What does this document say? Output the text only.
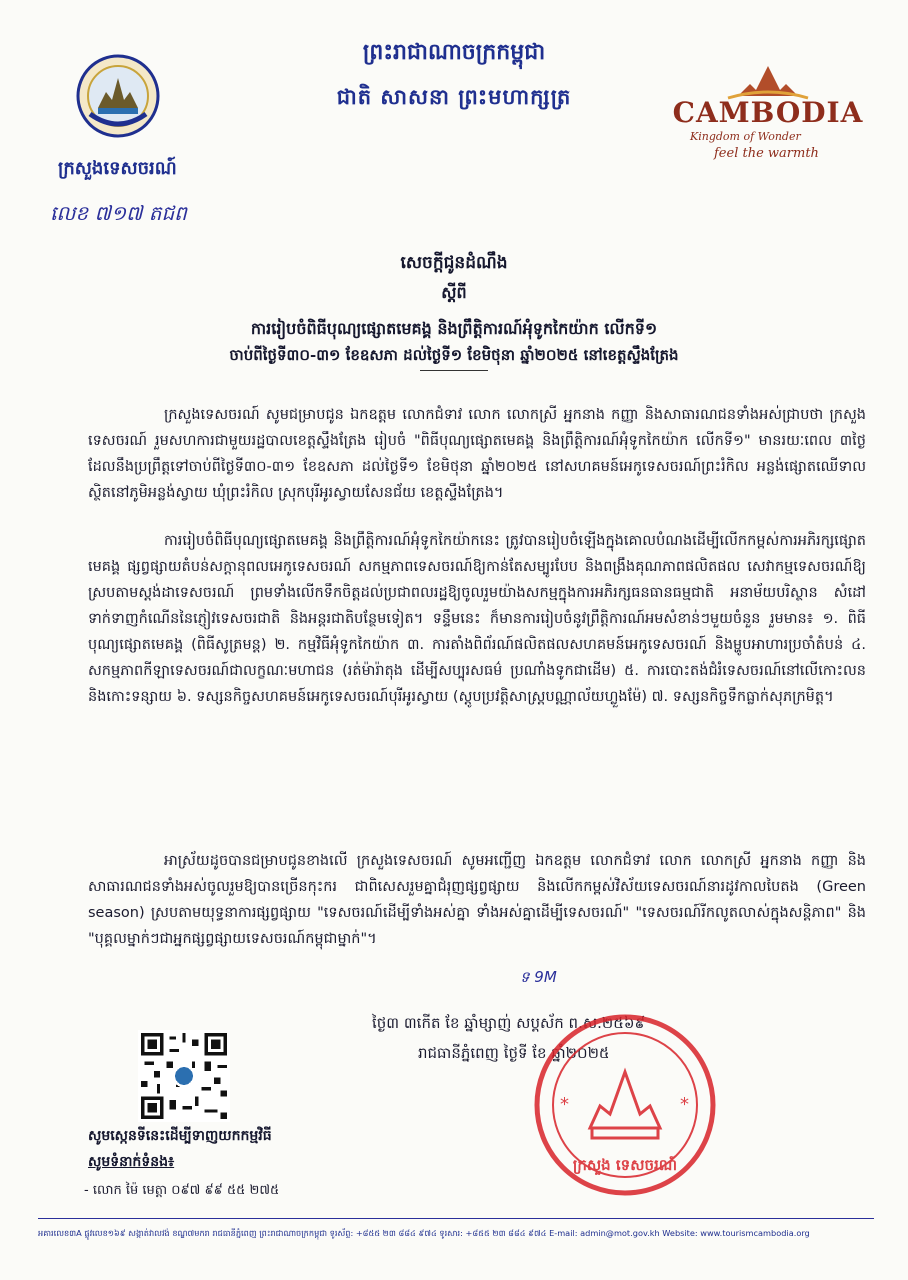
ព្រះរាជាណាចក្រកម្ពុជា
ជាតិ សាសនា ព្រះមហាក្សត្រ
ក្រសួងទេសចរណ៍
លេខ ៧១៧ តជព
CAMBODIA
Kingdom of Wonder
feel the warmth
សេចក្តីជូនដំណឹង
ស្តីពី
ការរៀបចំពិធីបុណ្យផ្សោតមេគង្គ និងព្រឹត្តិការណ៍អុំទូកកៃយ៉ាក លើកទី១
ចាប់ពីថ្ងៃទី៣០-៣១ ខែឧសភា ដល់ថ្ងៃទី១ ខែមិថុនា ឆ្នាំ២០២៥ នៅខេត្តស្ទឹងត្រែង
ក្រសួងទេសចរណ៍ សូមជម្រាបជូន ឯកឧត្តម លោកជំទាវ លោក លោកស្រី អ្នកនាង កញ្ញា និងសាធារណជនទាំងអស់ជ្រាបថា ក្រសួងទេសចរណ៍ រួមសហការជាមួយរដ្ឋបាលខេត្តស្ទឹងត្រែង រៀបចំ "ពិធីបុណ្យផ្សោតមេគង្គ និងព្រឹត្តិការណ៍អុំទូកកៃយ៉ាក លើកទី១" មានរយៈពេល ៣ថ្ងៃ ដែលនឹងប្រព្រឹត្តទៅចាប់ពីថ្ងៃទី៣០-៣១ ខែឧសភា ដល់ថ្ងៃទី១ ខែមិថុនា ឆ្នាំ២០២៥ នៅសហគមន៍អេកូទេសចរណ៍ព្រះរំកិល អន្លង់ផ្សោតឈើទាល ស្ថិតនៅភូមិអន្លង់ស្វាយ ឃុំព្រះរំកិល ស្រុកបុរីអូរស្វាយសែនជ័យ ខេត្តស្ទឹងត្រែង។
ការរៀបចំពិធីបុណ្យផ្សោតមេគង្គ និងព្រឹត្តិការណ៍អុំទូកកៃយ៉ាកនេះ ត្រូវបានរៀបចំឡើងក្នុងគោលបំណងដើម្បីលើកកម្ពស់ការអភិរក្សផ្សោតមេគង្គ ផ្សព្វផ្សាយតំបន់សក្តានុពលអេកូទេសចរណ៍ សកម្មភាពទេសចរណ៍ឱ្យកាន់តែសម្បូរបែប និងពង្រឹងគុណភាពផលិតផល សេវាកម្មទេសចរណ៍ឱ្យស្របតាមស្តង់ដាទេសចរណ៍ ព្រមទាំងលើកទឹកចិត្តដល់ប្រជាពលរដ្ឋឱ្យចូលរួមយ៉ាងសកម្មក្នុងការអភិរក្សធនធានធម្មជាតិ អនាម័យបរិស្ថាន សំដៅទាក់ទាញកំណើននៃភ្ញៀវទេសចរជាតិ និងអន្តរជាតិបន្ថែមទៀត។ ទន្ទឹមនេះ ក៏មានការរៀបចំនូវព្រឹត្តិការណ៍អមសំខាន់ៗមួយចំនួន រួមមាន៖ ១. ពិធីបុណ្យផ្សោតមេគង្គ (ពិធីសូត្រមន្ត) ២. កម្មវិធីអុំទូកកៃយ៉ាក ៣. ការតាំងពិព័រណ៍ផលិតផលសហគមន៍អេកូទេសចរណ៍ និងម្ហូបអាហារប្រចាំតំបន់ ៤. សកម្មភាពកីឡាទេសចរណ៍ជាលក្ខណៈមហាជន (រត់ម៉ារ៉ាតុង ដើម្បីសប្បុរសធម៌ ប្រណាំងទូកជាដើម) ៥. ការបោះតង់ជំរំទេសចរណ៍នៅលើកោះលន និងកោះទន្សាយ ៦. ទស្សនកិច្ចសហគមន៍អេកូទេសចរណ៍បុរីអូរស្វាយ (ស្តូបប្រវត្តិសាស្ត្របណ្ណាល័យហ្លួងម៉ែ) ៧. ទស្សនកិច្ចទឹកធ្លាក់សុភក្រមិត្ត។
អាស្រ័យដូចបានជម្រាបជូនខាងលើ ក្រសួងទេសចរណ៍ សូមអញ្ជើញ ឯកឧត្តម លោកជំទាវ លោក លោកស្រី អ្នកនាង កញ្ញា និងសាធារណជនទាំងអស់ចូលរួមឱ្យបានច្រើនកុះករ ជាពិសេសរួមគ្នាជំរុញផ្សព្វផ្សាយ និងលើកកម្ពស់វិស័យទេសចរណ៍នារដូវកាលបៃតង (Green season) ស្របតាមយុទ្ធនាការផ្សព្វផ្សាយ "ទេសចរណ៍ដើម្បីទាំងអស់គ្នា ទាំងអស់គ្នាដើម្បីទេសចរណ៍" "ទេសចរណ៍រីកលូតលាស់ក្នុងសន្តិភាព" និង "បុគ្គលម្នាក់ៗជាអ្នកផ្សព្វផ្សាយទេសចរណ៍កម្ពុជាម្នាក់"។
ទ 9M
ថ្ងៃ៣ ៣កើត ខែ ឆ្នាំម្សាញ់ សប្តស័ក ព.ស.២៥៦៩
រាជធានីភ្នំពេញ ថ្ងៃទី ខែ ឆ្នាំ២០២៥
*	*
ក្រសួង ទេសចរណ៍
សូមស្កេនទីនេះដើម្បីទាញយកកម្មវិធី
សូមទំនាក់ទំនង៖
- លោក ម៉ៃ មេត្តា ០៩៧ ៩៩ ៥៥ ២៧៥
អគារលេខ៣A ផ្លូវលេខ១៦៩ សង្កាត់វាលវង់ ខណ្ឌ៧មករា រាជធានីភ្នំពេញ ព្រះរាជាណាចក្រកម្ពុជា ទូរស័ព្ទ: +៨៥៥ ២៣ ៨៨៤ ៩៧៤ ទូរសារ: +៨៥៥ ២៣ ៨៨៤ ៩៧៤ E-mail: admin@mot.gov.kh Website: www.tourismcambodia.org
